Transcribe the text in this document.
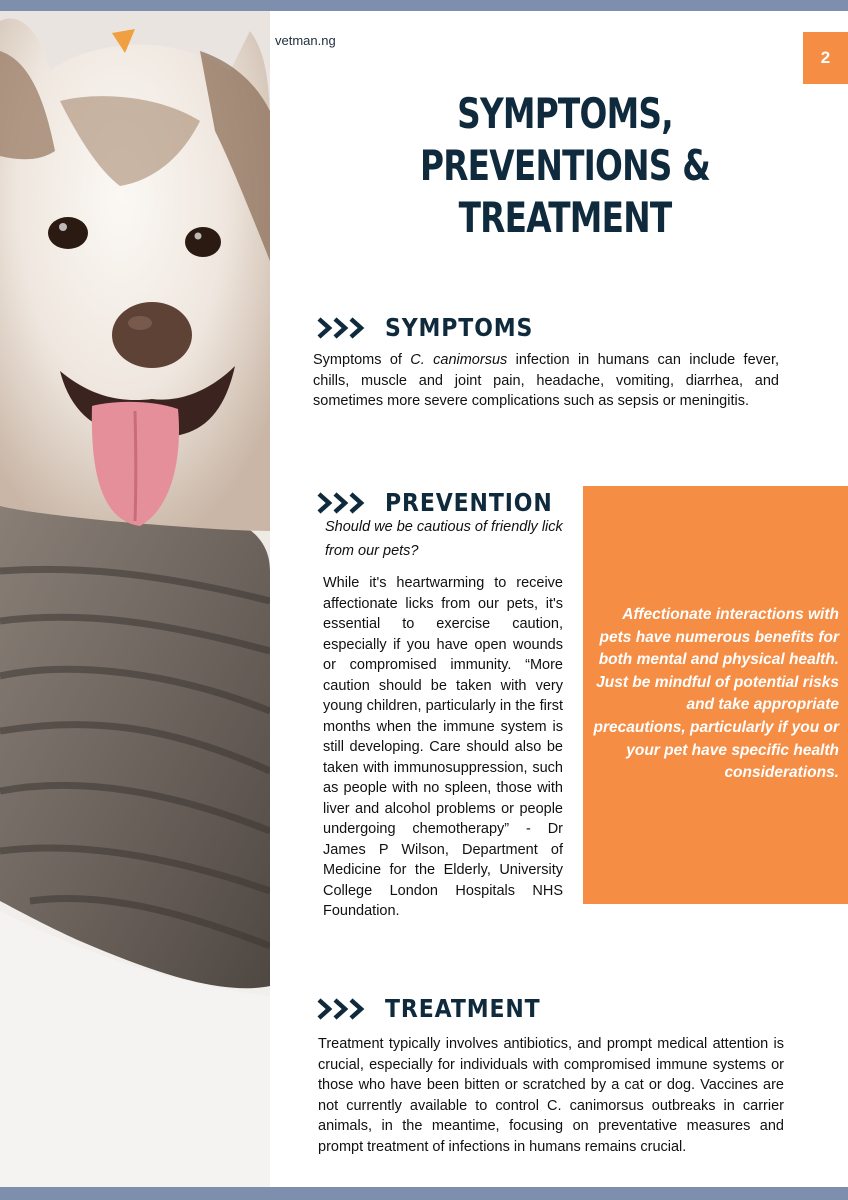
vetman.ng
2
SYMPTOMS, PREVENTIONS &
TREATMENT
SYMPTOMS
Symptoms of C. canimorsus infection in humans can include fever, chills, muscle and joint pain, headache, vomiting, diarrhea, and sometimes more severe complications such as sepsis or meningitis.
PREVENTION
Should we be cautious of friendly lick from our pets?
While it's heartwarming to receive affectionate licks from our pets, it's essential to exercise caution, especially if you have open wounds or compromised immunity. “More caution should be taken with very young children, particularly in the first months when the immune system is still developing. Care should also be taken with immunosuppression, such as people with no spleen, those with liver and alcohol problems or people undergoing chemotherapy” - Dr James P Wilson, Department of Medicine for the Elderly, University College London Hospitals NHS Foundation.

Affectionate interactions with pets have numerous benefits for both mental and physical health. Just be mindful of potential risks and take appropriate precautions, particularly if you or your pet have specific health considerations.

TREATMENT
Treatment typically involves antibiotics, and prompt medical attention is crucial, especially for individuals with compromised immune systems or those who have been bitten or scratched by a cat or dog. Vaccines are not currently available to control C. canimorsus outbreaks in carrier animals, in the meantime, focusing on preventative measures and prompt treatment of infections in humans remains crucial.
